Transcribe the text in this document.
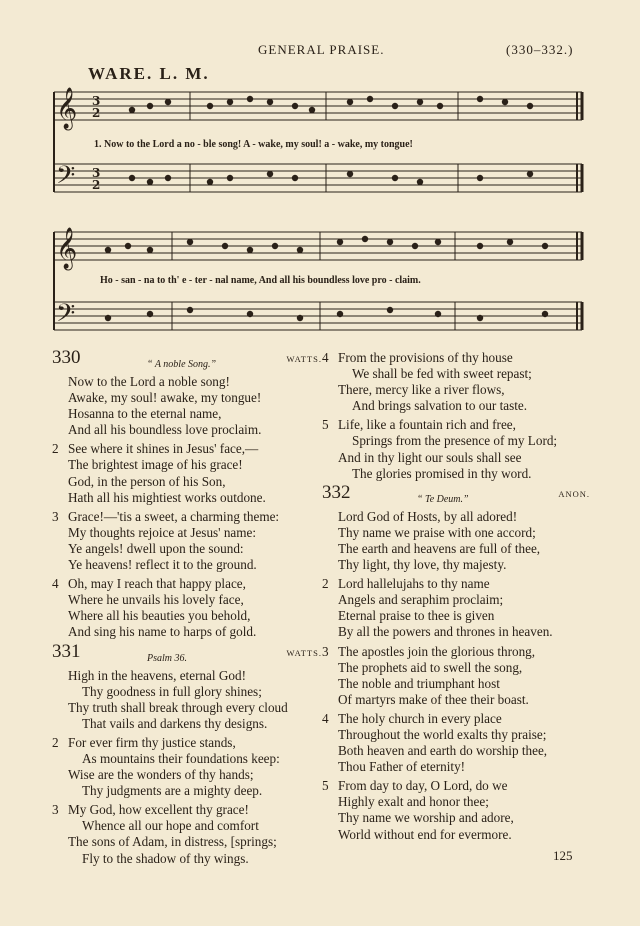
GENERAL PRAISE.	(330–332.)
WARE. L. M.
𝄞
𝄢
3
2
3
2
1. Now to the Lord a no - ble song! A - wake, my soul! a - wake, my tongue!
𝄞
𝄢
Ho - san - na to th' e - ter - nal name, And all his boundless love pro - claim.
330	“ A noble Song.”	WATTS.
Now to the Lord a noble song!
Awake, my soul! awake, my tongue!
Hosanna to the eternal name,
And all his boundless love proclaim.
2 See where it shines in Jesus' face,—
The brightest image of his grace!
God, in the person of his Son,
Hath all his mightiest works outdone.
3 Grace!—'tis a sweet, a charming theme:
My thoughts rejoice at Jesus' name:
Ye angels! dwell upon the sound:
Ye heavens! reflect it to the ground.
4 Oh, may I reach that happy place,
Where he unvails his lovely face,
Where all his beauties you behold,
And sing his name to harps of gold.
331	Psalm 36.	WATTS.
High in the heavens, eternal God!
Thy goodness in full glory shines;
Thy truth shall break through every cloud
That vails and darkens thy designs.
2 For ever firm thy justice stands,
As mountains their foundations keep:
Wise are the wonders of thy hands;
Thy judgments are a mighty deep.
3 My God, how excellent thy grace!
Whence all our hope and comfort
The sons of Adam, in distress, [springs;
Fly to the shadow of thy wings.
4 From the provisions of thy house
We shall be fed with sweet repast;
There, mercy like a river flows,
And brings salvation to our taste.
5 Life, like a fountain rich and free,
Springs from the presence of my Lord;
And in thy light our souls shall see
The glories promised in thy word.
332	“ Te Deum.”	ANON.
Lord God of Hosts, by all adored!
Thy name we praise with one accord;
The earth and heavens are full of thee,
Thy light, thy love, thy majesty.
2 Lord hallelujahs to thy name
Angels and seraphim proclaim;
Eternal praise to thee is given
By all the powers and thrones in heaven.
3 The apostles join the glorious throng,
The prophets aid to swell the song,
The noble and triumphant host
Of martyrs make of thee their boast.
4 The holy church in every place
Throughout the world exalts thy praise;
Both heaven and earth do worship thee,
Thou Father of eternity!
5 From day to day, O Lord, do we
Highly exalt and honor thee;
Thy name we worship and adore,
World without end for evermore.
125
